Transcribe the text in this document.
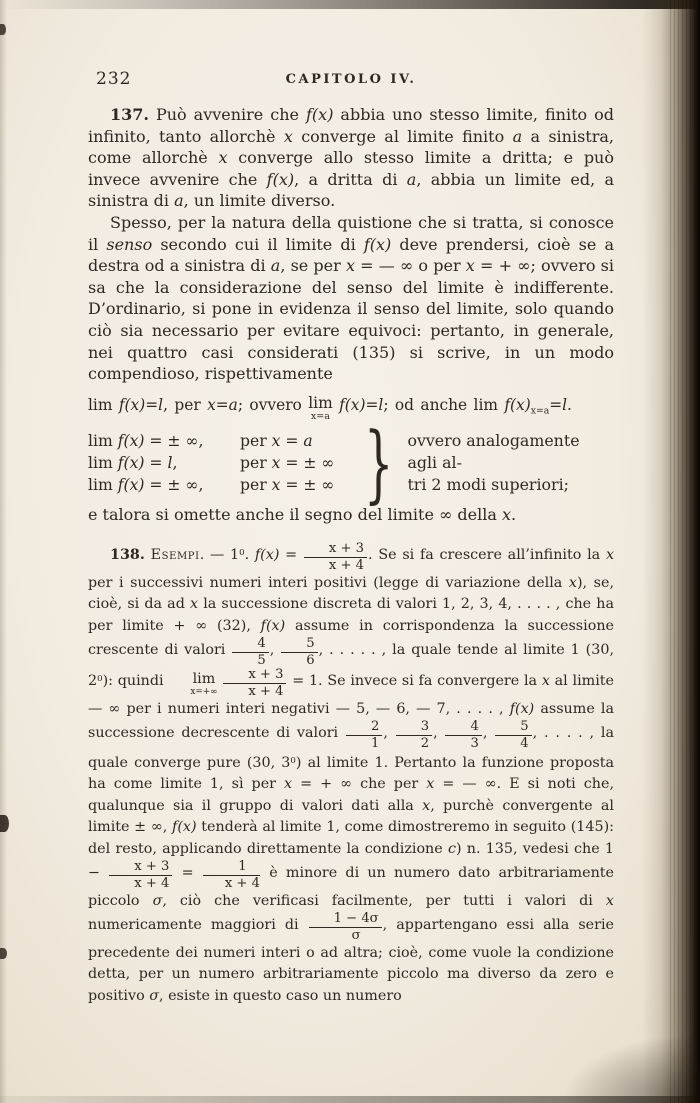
232	CAPITOLO IV.

137. Può avvenire che f(x) abbia uno stesso limite, finito od infinito, tanto allorchè x converge al limite finito a a sinistra, come allorchè x converge allo stesso limite a dritta; e può invece avvenire che f(x), a dritta di a, abbia un limite ed, a sinistra di a, un limite diverso.

Spesso, per la natura della quistione che si tratta, si conosce il senso secondo cui il limite di f(x) deve prendersi, cioè se a destra od a sinistra di a, se per x = — ∞ o per x = + ∞; ovvero si sa che la considerazione del senso del limite è indifferente. D’ordinario, si pone in evidenza il senso del limite, solo quando ciò sia necessario per evitare equivoci: pertanto, in generale, nei quattro casi considerati (135) si scrive, in un modo compendioso, rispettivamente

lim f(x)=l, per x=a; ovvero lim
x=a
f(x)=l; od anche $\lim f(x)_{x=a}=l$.

lim f(x) = ± ∞,	per x = a
lim f(x) = l,	per x = ± ∞
lim f(x) = ± ∞,	per x = ± ∞ } ovvero analogamente agli al-
tri 2 modi superiori;

e talora si omette anche il segno del limite ∞ della x.

138. Esempi. — $1^0$. $f(x) = \frac{x + 3}{x + 4}$ . Se si fa crescere all’infinito la x per i successivi numeri interi positivi (legge di variazione della x), se, cioè, si da ad x la successione discreta di valori 1, 2, 3, 4, . . . . , che ha per limite + ∞ (32), f(x) assume in corrispondenza la successione crescente di valori $\frac{4}{5}$ , $\frac{5}{6}$ , . . . . . , la quale tende al limite 1 (30, $2^0$): quindi	lim
x=+∞
$\frac{x + 3}{x + 4} = 1$. Se invece si fa convergere la x al limite — ∞ per i numeri interi negativi — 5, — 6, — 7, . . . . , f(x) assume la successione decrescente di valori $\frac{2}{1}$ , $\frac{3}{2}$ , $\frac{4}{3}$ , $\frac{5}{4}$ , . . . . , la quale converge pure (30, $3^0$) al limite 1. Pertanto la funzione proposta ha come limite 1, sì per x = + ∞ che per x = — ∞. E si noti che, qualunque sia il gruppo di valori dati alla x, purchè convergente al limite ± ∞, f(x) tenderà al limite 1, come dimostreremo in seguito (145): del resto, applicando direttamente la condizione c) n. 135, vedesi che $1 - \frac{x + 3}{x + 4} = \frac{1}{x + 4}$ è minore di un numero dato arbitrariamente piccolo σ, ciò che verificasi facilmente, per tutti i valori di x numericamente maggiori di $\frac{1 - 4\sigma}{\sigma}$ , appartengano essi alla serie precedente dei numeri interi o ad altra; cioè, come vuole la condizione detta, per un numero arbitrariamente piccolo ma diverso da zero e positivo σ, esiste in questo caso un numero
